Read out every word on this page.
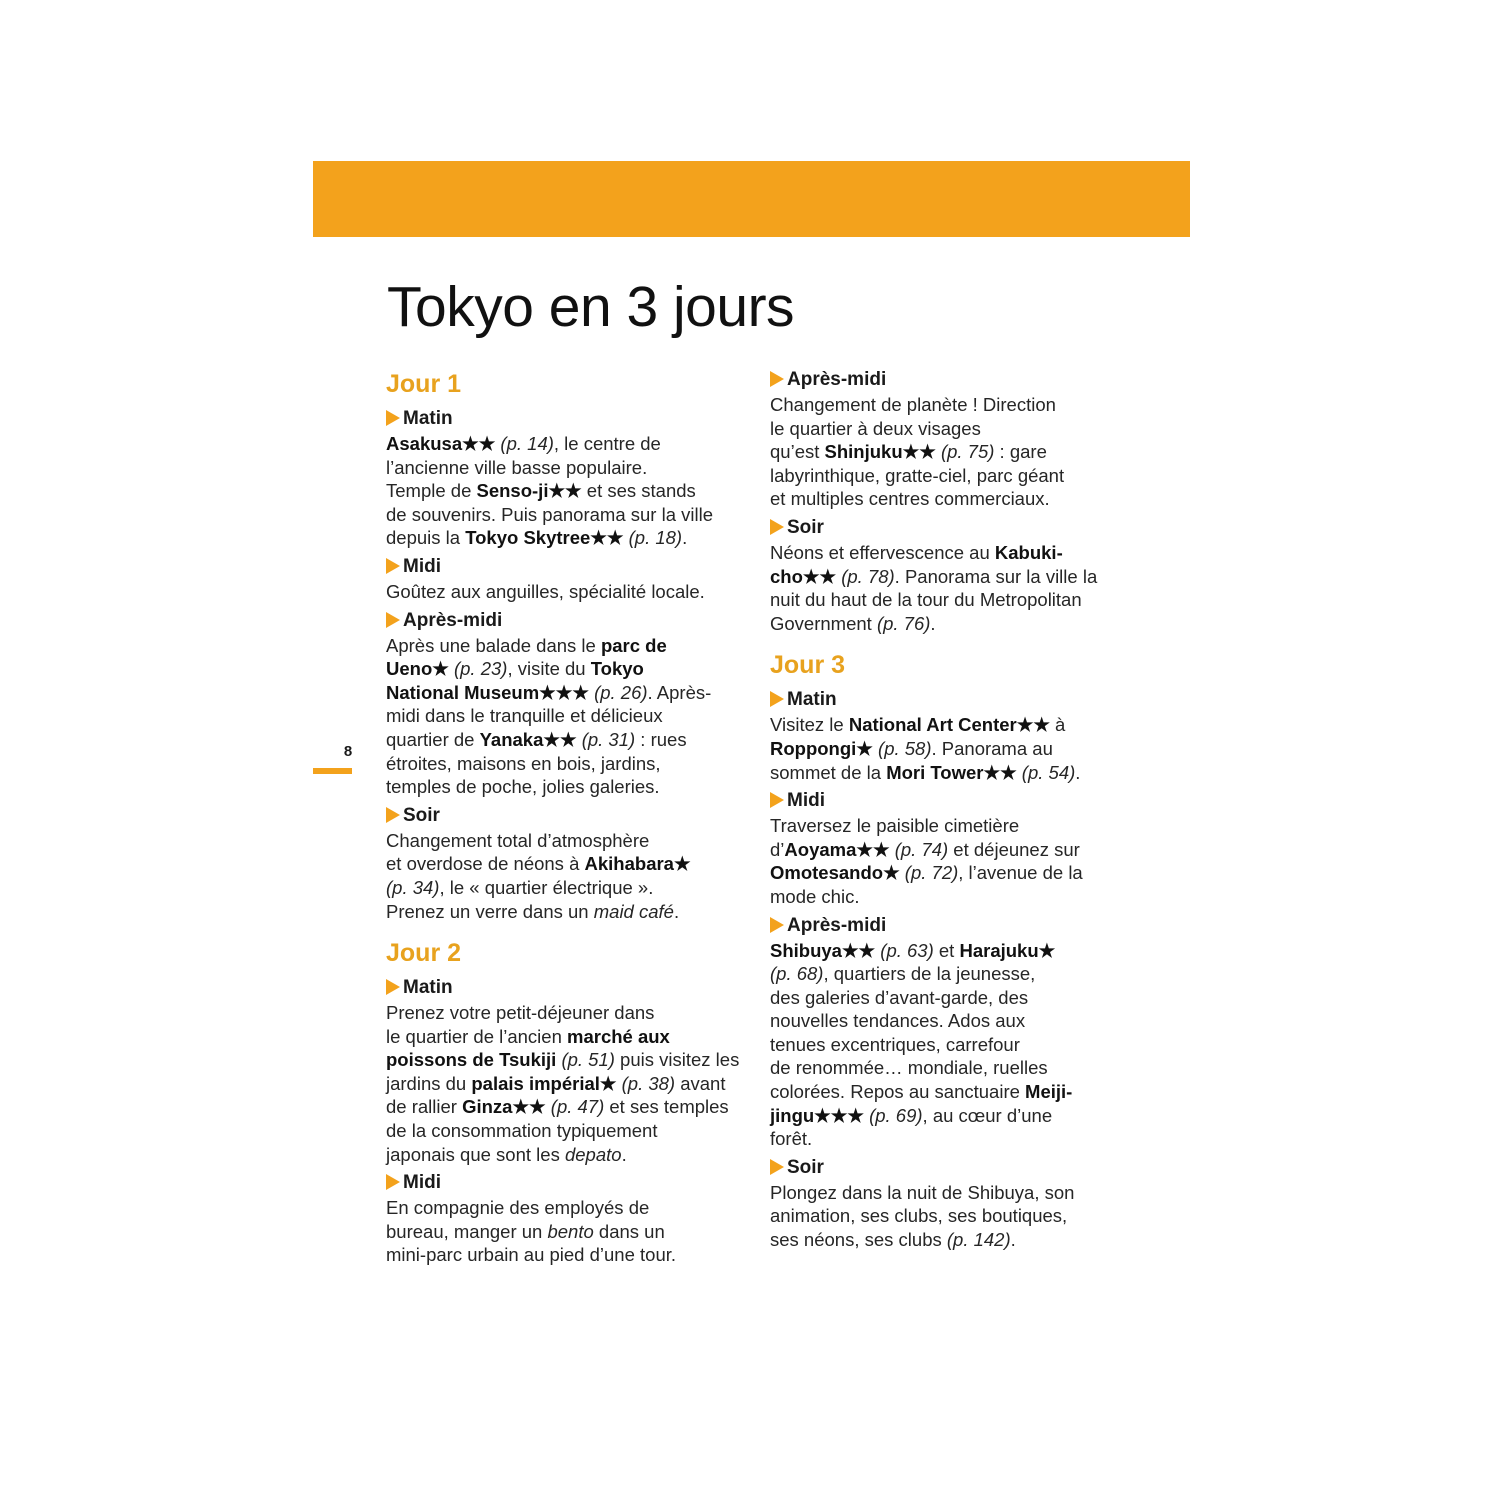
Tokyo en 3 jours
8
Jour 1
Matin
Asakusa★★ (p. 14), le centre de
l’ancienne ville basse populaire.
Temple de Senso-ji★★ et ses stands
de souvenirs. Puis panorama sur la ville
depuis la Tokyo Skytree★★ (p. 18).
Midi
Goûtez aux anguilles, spécialité locale.
Après-midi
Après une balade dans le parc de
Ueno★ (p. 23), visite du Tokyo
National Museum★★★ (p. 26). Après-
midi dans le tranquille et délicieux
quartier de Yanaka★★ (p. 31) : rues
étroites, maisons en bois, jardins,
temples de poche, jolies galeries.
Soir
Changement total d’atmosphère
et overdose de néons à Akihabara★
(p. 34), le « quartier électrique ».
Prenez un verre dans un maid café.
Jour 2
Matin
Prenez votre petit-déjeuner dans
le quartier de l’ancien marché aux
poissons de Tsukiji (p. 51) puis visitez les
jardins du palais impérial★ (p. 38) avant
de rallier Ginza★★ (p. 47) et ses temples
de la consommation typiquement
japonais que sont les depato.
Midi
En compagnie des employés de
bureau, manger un bento dans un
mini-parc urbain au pied d’une tour.
Après-midi
Changement de planète ! Direction
le quartier à deux visages
qu’est Shinjuku★★ (p. 75) : gare
labyrinthique, gratte-ciel, parc géant
et multiples centres commerciaux.
Soir
Néons et effervescence au Kabuki-
cho★★ (p. 78). Panorama sur la ville la
nuit du haut de la tour du Metropolitan
Government (p. 76).
Jour 3
Matin
Visitez le National Art Center★★ à
Roppongi★ (p. 58). Panorama au
sommet de la Mori Tower★★ (p. 54).
Midi
Traversez le paisible cimetière
d’Aoyama★★ (p. 74) et déjeunez sur
Omotesando★ (p. 72), l’avenue de la
mode chic.
Après-midi
Shibuya★★ (p. 63) et Harajuku★
(p. 68), quartiers de la jeunesse,
des galeries d’avant-garde, des
nouvelles tendances. Ados aux
tenues excentriques, carrefour
de renommée… mondiale, ruelles
colorées. Repos au sanctuaire Meiji-
jingu★★★ (p. 69), au cœur d’une
forêt.
Soir
Plongez dans la nuit de Shibuya, son
animation, ses clubs, ses boutiques,
ses néons, ses clubs (p. 142).
